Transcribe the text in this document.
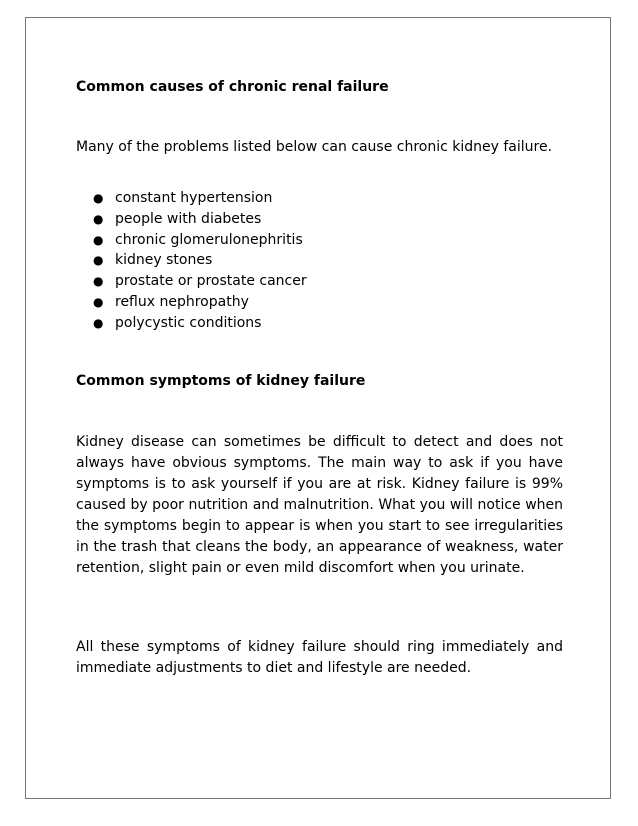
Common causes of chronic renal failure

Many of the problems listed below can cause chronic kidney failure.

● constant hypertension
● people with diabetes
● chronic glomerulonephritis
● kidney stones
● prostate or prostate cancer
● reflux nephropathy
● polycystic conditions
Common symptoms of kidney failure

Kidney disease can sometimes be difficult to detect and does not always have obvious symptoms. The main way to ask if you have symptoms is to ask yourself if you are at risk. Kidney failure is 99% caused by poor nutrition and malnutrition. What you will notice when the symptoms begin to appear is when you start to see irregularities in the trash that cleans the body, an appearance of weakness, water retention, slight pain or even mild discomfort when you urinate.

All these symptoms of kidney failure should ring immediately and immediate adjustments to diet and lifestyle are needed.
